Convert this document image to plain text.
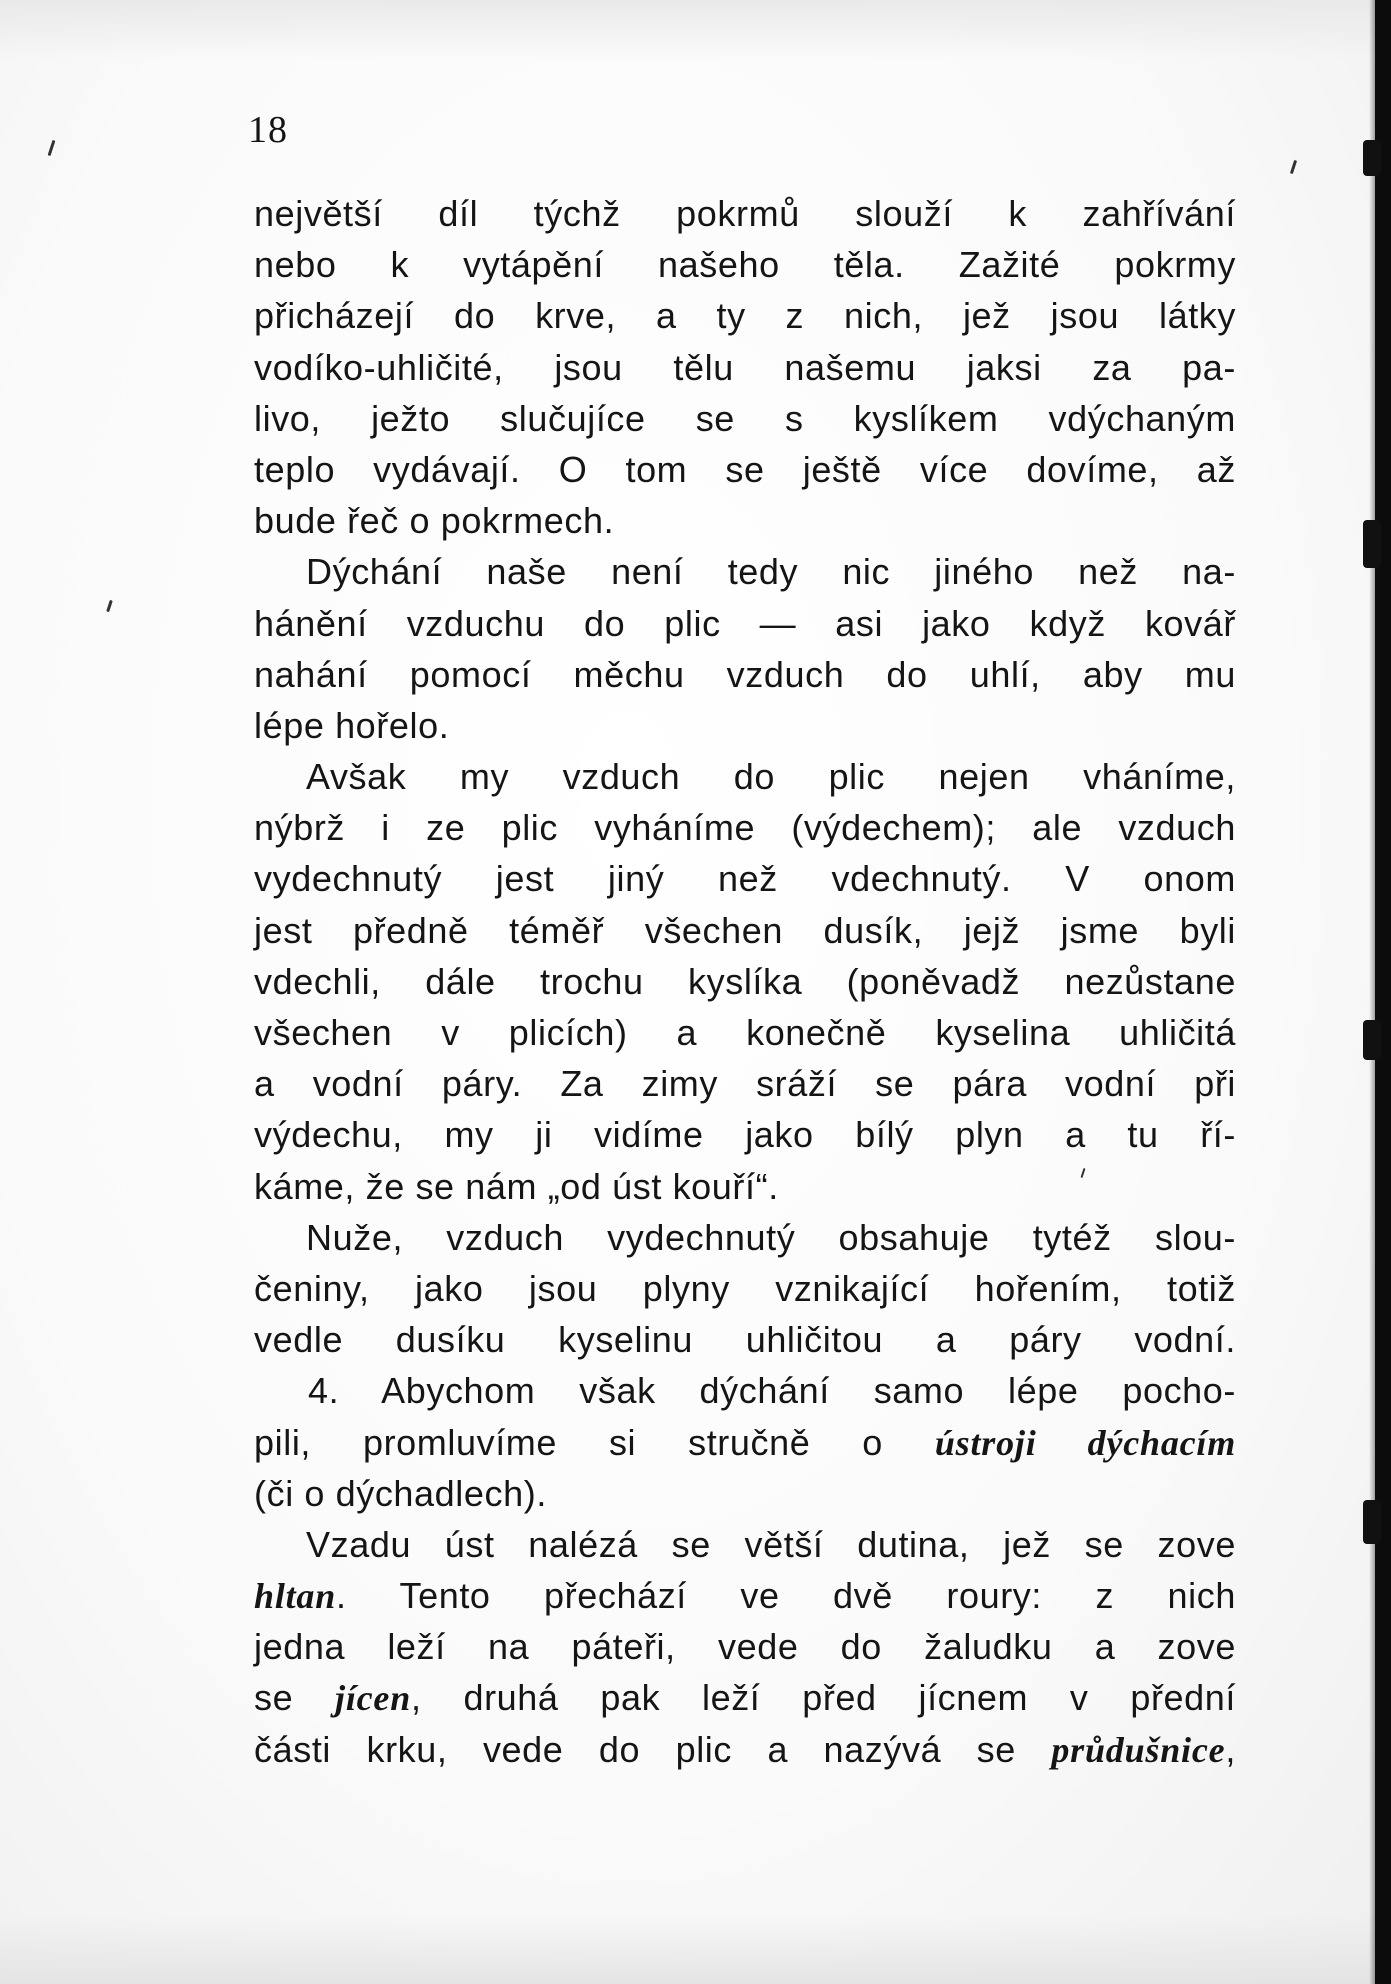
18
největší díl týchž pokrmů slouží k zahřívání
nebo k vytápění našeho těla. Zažité pokrmy
přicházejí do krve, a ty z nich, jež jsou látky
vodíko-uhličité, jsou tělu našemu jaksi za pa-
livo, ježto slučujíce se s kyslíkem vdýchaným
teplo vydávají. O tom se ještě více dovíme, až
bude řeč o pokrmech.
Dýchání naše není tedy nic jiného než na-
hánění vzduchu do plic — asi jako když kovář
nahání pomocí měchu vzduch do uhlí, aby mu
lépe hořelo.
Avšak my vzduch do plic nejen vháníme,
nýbrž i ze plic vyháníme (výdechem); ale vzduch
vydechnutý jest jiný než vdechnutý. V onom
jest předně téměř všechen dusík, jejž jsme byli
vdechli, dále trochu kyslíka (poněvadž nezůstane
všechen v plicích) a konečně kyselina uhličitá
a vodní páry. Za zimy sráží se pára vodní při
výdechu, my ji vidíme jako bílý plyn a tu ří-
káme, že se nám „od úst kouří“.
Nuže, vzduch vydechnutý obsahuje tytéž slou-
čeniny, jako jsou plyny vznikající hořením, totiž
vedle dusíku kyselinu uhličitou a páry vodní.
4. Abychom však dýchání samo lépe pocho-
pili, promluvíme si stručně o ústroji dýchacím
(či o dýchadlech).
Vzadu úst nalézá se větší dutina, jež se zove
hltan. Tento přechází ve dvě roury: z nich
jedna leží na páteři, vede do žaludku a zove
se jícen, druhá pak leží před jícnem v přední
části krku, vede do plic a nazývá se průdušnice,
